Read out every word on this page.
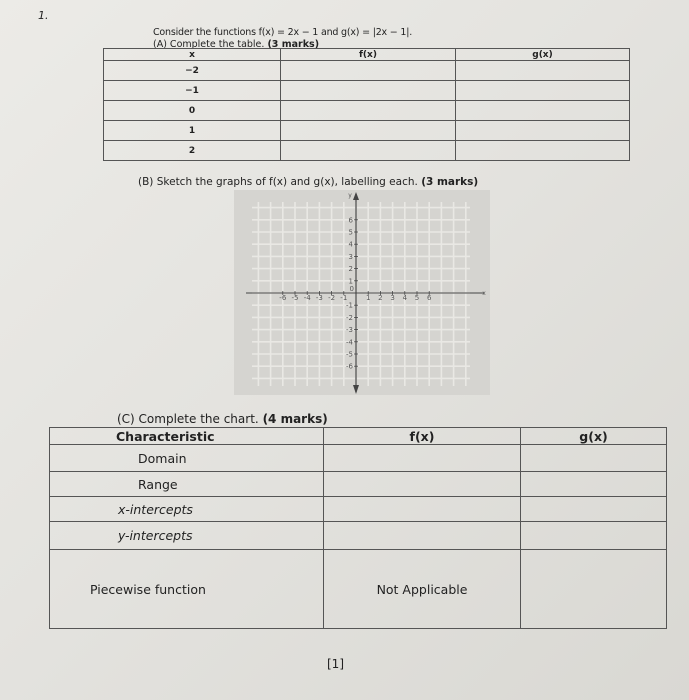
1.
Consider the functions f(x) = 2x − 1 and g(x) = |2x − 1|.
(A) Complete the table. (3 marks)
x	f(x)	g(x)
−2		
−1		
0		
1		
2		
(B) Sketch the graphs of f(x) and g(x), labelling each. (3 marks)
-6 -5 -4 -3 -2 -1	1 2 3 4 5 6
6
5
4
3
2
1
-1
-2
-3
-4
-5
-6
0
x
y
(C) Complete the chart. (4 marks)
Characteristic	f(x)	g(x)
Domain		
Range		
x-intercepts		
y-intercepts		
Piecewise function	Not Applicable	
[1]
